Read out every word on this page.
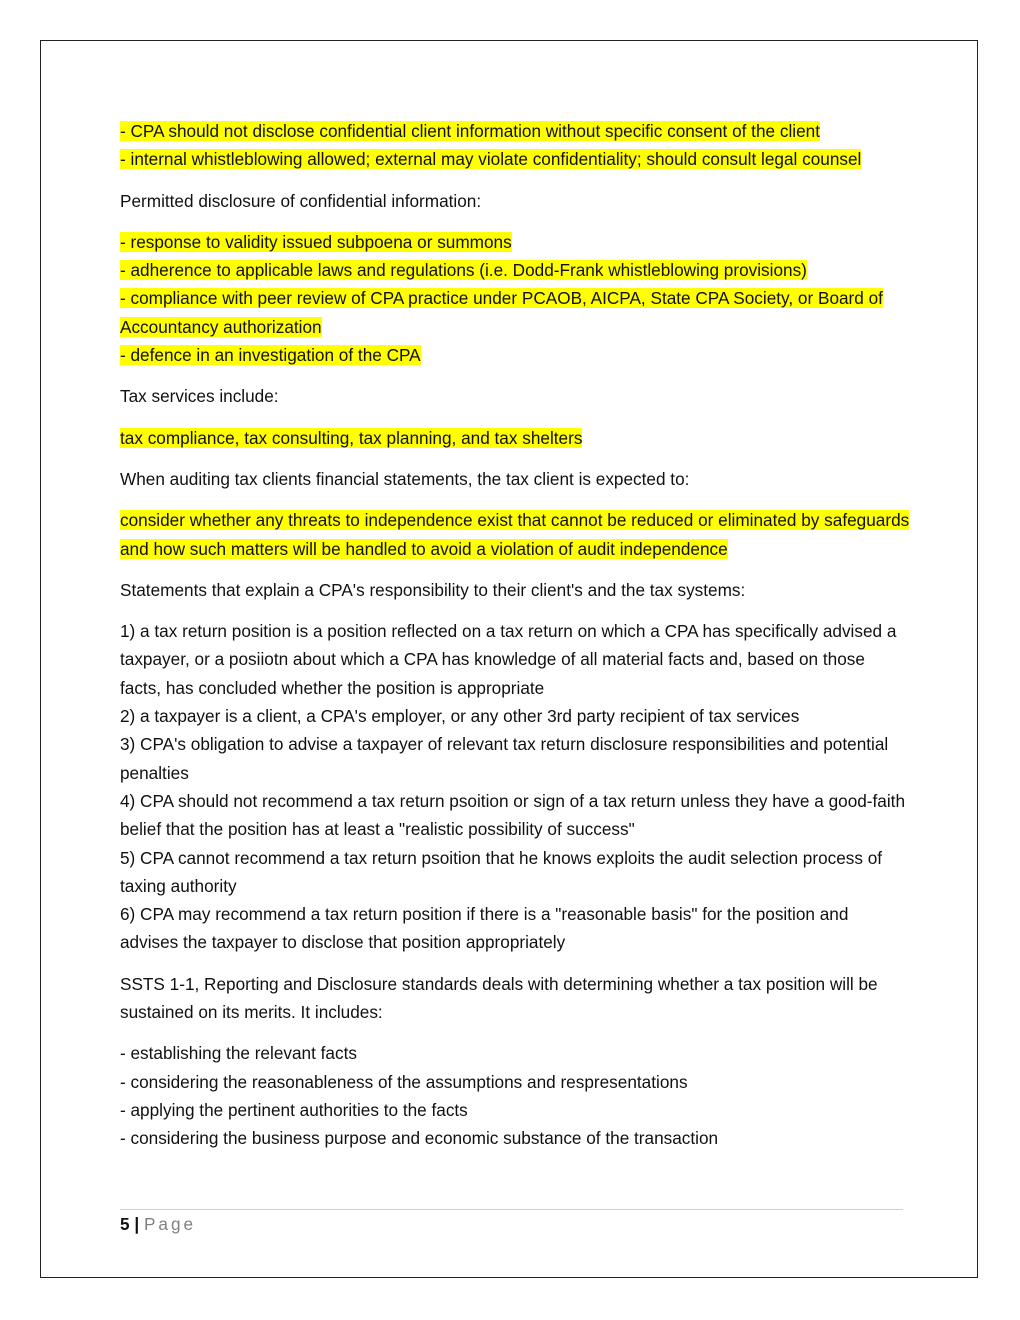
- CPA should not disclose confidential client information without specific consent of the client

- internal whistleblowing allowed; external may violate confidentiality; should consult legal counsel

Permitted disclosure of confidential information:

- response to validity issued subpoena or summons

- adherence to applicable laws and regulations (i.e. Dodd-Frank whistleblowing provisions)

- compliance with peer review of CPA practice under PCAOB, AICPA, State CPA Society, or Board of Accountancy authorization

- defence in an investigation of the CPA

Tax services include:

tax compliance, tax consulting, tax planning, and tax shelters

When auditing tax clients financial statements, the tax client is expected to:

consider whether any threats to independence exist that cannot be reduced or eliminated by safeguards and how such matters will be handled to avoid a violation of audit independence

Statements that explain a CPA's responsibility to their client's and the tax systems:

1) a tax return position is a position reflected on a tax return on which a CPA has specifically advised a taxpayer, or a posiiotn about which a CPA has knowledge of all material facts and, based on those facts, has concluded whether the position is appropriate

2) a taxpayer is a client, a CPA's employer, or any other 3rd party recipient of tax services

3) CPA's obligation to advise a taxpayer of relevant tax return disclosure responsibilities and potential penalties

4) CPA should not recommend a tax return psoition or sign of a tax return unless they have a good-faith belief that the position has at least a "realistic possibility of success"

5) CPA cannot recommend a tax return psoition that he knows exploits the audit selection process of taxing authority

6) CPA may recommend a tax return position if there is a "reasonable basis" for the position and advises the taxpayer to disclose that position appropriately

SSTS 1-1, Reporting and Disclosure standards deals with determining whether a tax position will be sustained on its merits. It includes:

- establishing the relevant facts

- considering the reasonableness of the assumptions and respresentations

- applying the pertinent authorities to the facts

- considering the business purpose and economic substance of the transaction

5 | Page
